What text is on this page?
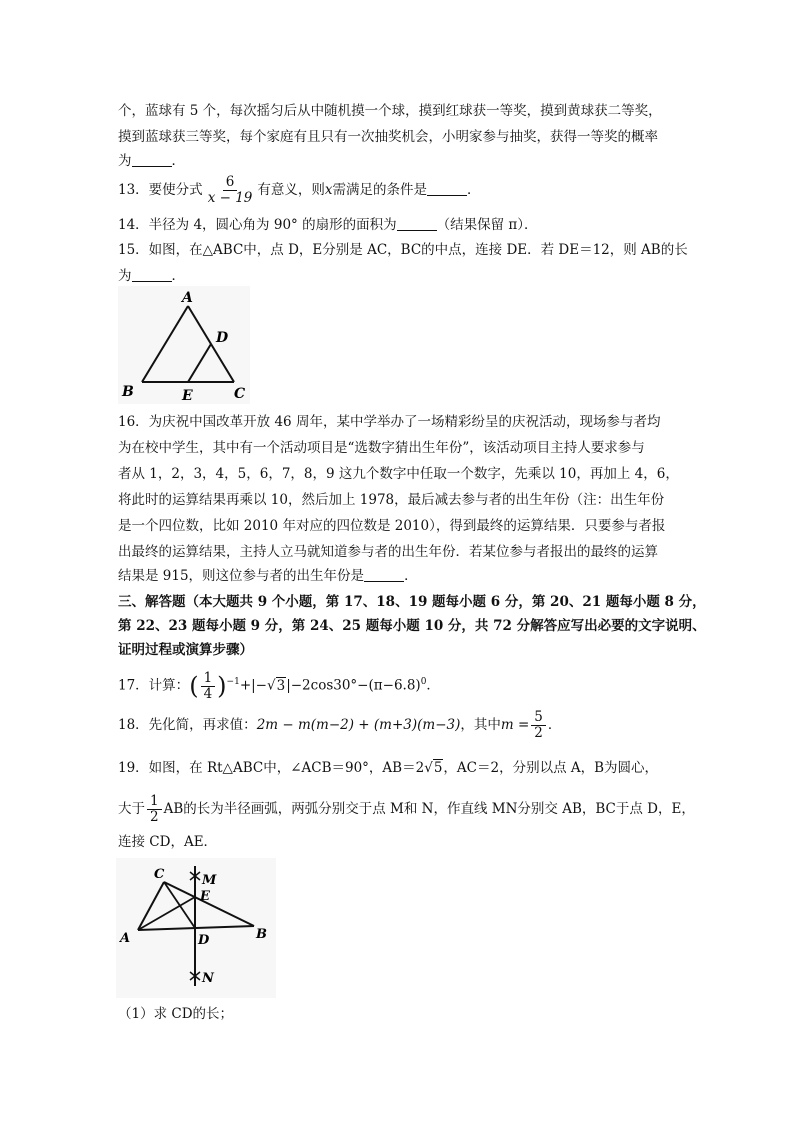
个，蓝球有 5 个，每次摇匀后从中随机摸一个球，摸到红球获一等奖，摸到黄球获二等奖，
摸到蓝球获三等奖，每个家庭有且只有一次抽奖机会，小明家参与抽奖，获得一等奖的概率
为	．
13．要使分式 $\frac{6}{x - 19}$ 有意义，则x需满足的条件是	．
14．半径为 4，圆心角为 90° 的扇形的面积为	（结果保留 π）．
15．如图，在△ABC中，点 D，E分别是 AC，BC的中点，连接 DE．若 DE＝12，则 AB的长
为	．
A
D
B	E	C
16．为庆祝中国改革开放 46 周年，某中学举办了一场精彩纷呈的庆祝活动，现场参与者均
为在校中学生，其中有一个活动项目是“选数字猜出生年份”，该活动项目主持人要求参与
者从 1，2，3，4，5，6，7，8，9 这九个数字中任取一个数字，先乘以 10，再加上 4，6，
将此时的运算结果再乘以 10，然后加上 1978，最后减去参与者的出生年份（注：出生年份
是一个四位数，比如 2010 年对应的四位数是 2010），得到最终的运算结果．只要参与者报
出最终的运算结果，主持人立马就知道参与者的出生年份．若某位参与者报出的最终的运算
结果是 915，则这位参与者的出生年份是	．
三、解答题（本大题共 9 个小题，第 17、18、19 题每小题 6 分，第 20、21 题每小题 8 分，
第 22、23 题每小题 9 分，第 24、25 题每小题 10 分，共 72 分解答应写出必要的文字说明、
证明过程或演算步骤）
17．计算：( $\frac{1}{4} )^{-1}+|-√3|-2\cos 30^\circ-(\pi-6.8)^0$．
18．先化简，再求值：2m − m(m−2) + (m+3)(m−3)，其中$m = \frac{5}{2}$ ．
19．如图，在 Rt△ABC中，∠ACB＝90°，AB＝2√5，AC＝2，分别以点 A，B为圆心，
大于 $\frac{1}{2}$ AB的长为半径画弧，两弧分别交于点 M和 N，作直线 MN分别交 AB，BC于点 D，E，
连接 CD，AE．
C	M
E
A	D	B
N
（1）求 CD的长；
